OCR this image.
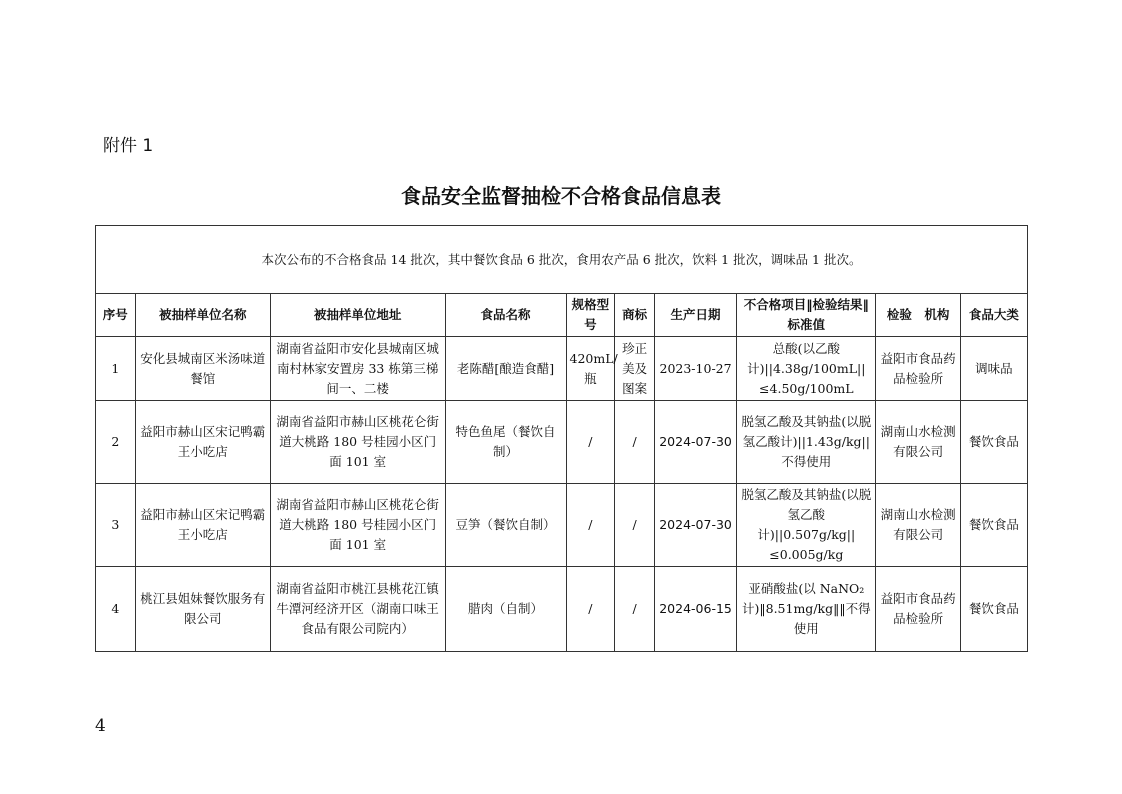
附件 1
食品安全监督抽检不合格食品信息表
本次公布的不合格食品 14 批次，其中餐饮食品 6 批次，食用农产品 6 批次，饮料 1 批次，调味品 1 批次。									
序号	被抽样单位名称	被抽样单位地址	食品名称	规格型号	商标	生产日期	不合格项目‖检验结果‖标准值	检验　机构	食品大类
1	安化县城南区米汤味道餐馆	湖南省益阳市安化县城南区城南村林家安置房 33 栋第三梯间一、二楼	老陈醋[酿造食醋]	420mL/瓶	珍正美及图案	2023-10-27	总酸(以乙酸计)||4.38g/100mL||≤4.50g/100mL	益阳市食品药品检验所	调味品
2	益阳市赫山区宋记鸭霸王小吃店	湖南省益阳市赫山区桃花仑街道大桃路 180 号桂园小区门面 101 室	特色鱼尾（餐饮自制）	/	/	2024-07-30	脱氢乙酸及其钠盐(以脱氢乙酸计)||1.43g/kg||不得使用	湖南山水检测有限公司	餐饮食品
3	益阳市赫山区宋记鸭霸王小吃店	湖南省益阳市赫山区桃花仑街道大桃路 180 号桂园小区门面 101 室	豆笋（餐饮自制）	/	/	2024-07-30	脱氢乙酸及其钠盐(以脱氢乙酸计)||0.507g/kg||≤0.005g/kg	湖南山水检测有限公司	餐饮食品
4	桃江县姐妹餐饮服务有限公司	湖南省益阳市桃江县桃花江镇牛潭河经济开区（湖南口味王食品有限公司院内）	腊肉（自制）	/	/	2024-06-15	亚硝酸盐(以 NaNO₂计)‖8.51mg/kg‖‖不得使用	益阳市食品药品检验所	餐饮食品
4
